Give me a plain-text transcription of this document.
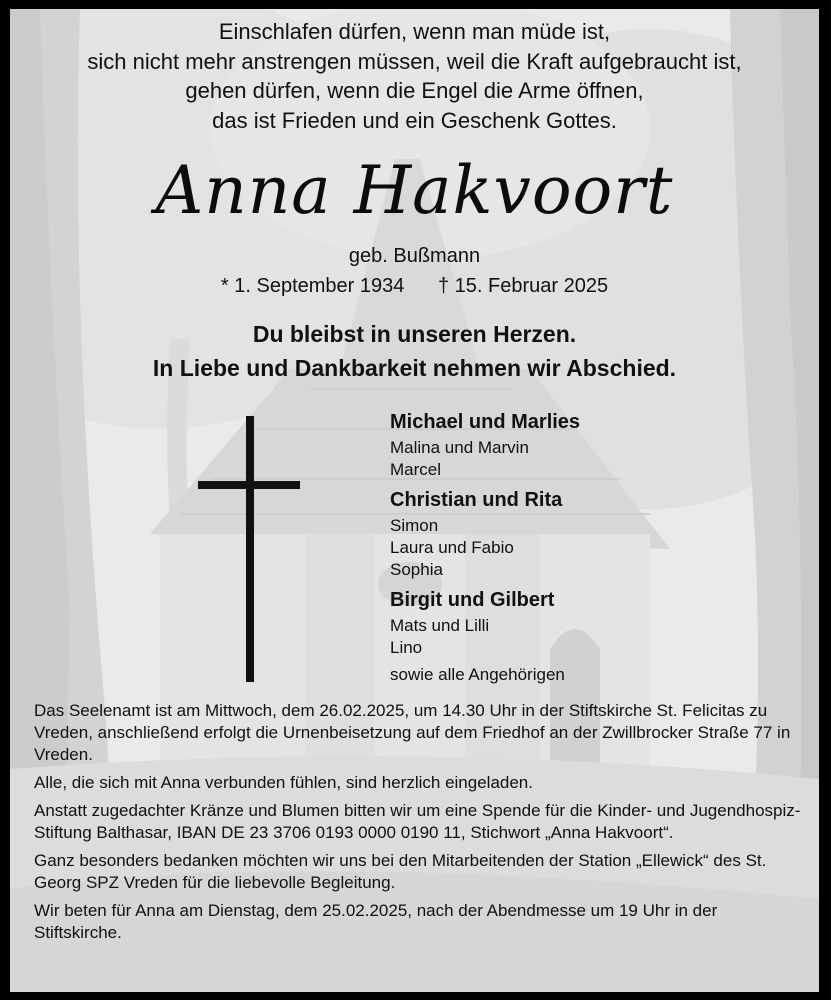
Einschlafen dürfen, wenn man müde ist,
sich nicht mehr anstrengen müssen, weil die Kraft aufgebraucht ist,
gehen dürfen, wenn die Engel die Arme öffnen,
das ist Frieden und ein Geschenk Gottes.
Anna Hakvoort
geb. Bußmann
* 1. September 1934 † 15. Februar 2025
Du bleibst in unseren Herzen.
In Liebe und Dankbarkeit nehmen wir Abschied.
Michael und Marlies
Malina und Marvin
Marcel
Christian und Rita
Simon
Laura und Fabio
Sophia
Birgit und Gilbert
Mats und Lilli
Lino
sowie alle Angehörigen

Das Seelenamt ist am Mittwoch, dem 26.02.2025, um 14.30 Uhr in der Stiftskirche St. Felicitas zu Vreden, anschließend erfolgt die Urnenbeisetzung auf dem Friedhof an der Zwillbrocker Straße 77 in Vreden.

Alle, die sich mit Anna verbunden fühlen, sind herzlich eingeladen.

Anstatt zugedachter Kränze und Blumen bitten wir um eine Spende für die Kinder- und Jugendhospiz-Stiftung Balthasar, IBAN DE 23 3706 0193 0000 0190 11, Stichwort „Anna Hakvoort“.

Ganz besonders bedanken möchten wir uns bei den Mitarbeitenden der Station „Ellewick“ des St. Georg SPZ Vreden für die liebevolle Begleitung.

Wir beten für Anna am Dienstag, dem 25.02.2025, nach der Abendmesse um 19 Uhr in der Stiftskirche.
